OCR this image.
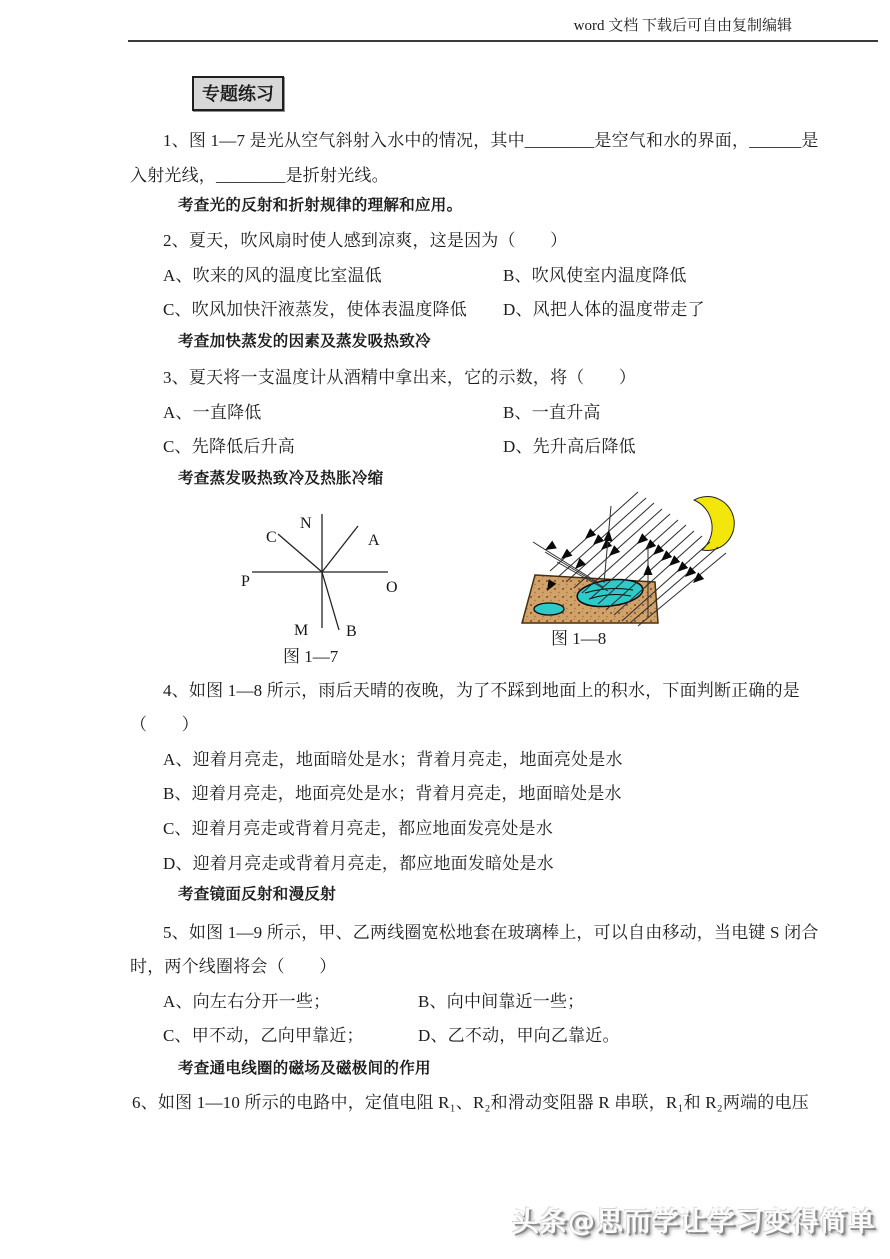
word 文档 下载后可自由复制编辑
专题练习
1、图 1—7 是光从空气斜射入水中的情况，其中________是空气和水的界面，______是
入射光线，________是折射光线。
考查光的反射和折射规律的理解和应用。
2、夏天，吹风扇时使人感到凉爽，这是因为（　　）
A、吹来的风的温度比室温低	B、吹风使室内温度降低
C、吹风加快汗液蒸发，使体表温度降低 D、风把人体的温度带走了
考查加快蒸发的因素及蒸发吸热致冷
3、夏天将一支温度计从酒精中拿出来，它的示数，将（　　）
A、一直降低	B、一直升高
C、先降低后升高	D、先升高后降低
考查蒸发吸热致冷及热胀冷缩
N
C	A
P	O
M B
图 1—7
图 1—8
4、如图 1—8 所示，雨后天晴的夜晚，为了不踩到地面上的积水，下面判断正确的是
（　　）
A、迎着月亮走，地面暗处是水；背着月亮走，地面亮处是水
B、迎着月亮走，地面亮处是水；背着月亮走，地面暗处是水
C、迎着月亮走或背着月亮走，都应地面发亮处是水
D、迎着月亮走或背着月亮走，都应地面发暗处是水
考查镜面反射和漫反射
5、如图 1—9 所示，甲、乙两线圈宽松地套在玻璃棒上，可以自由移动，当电键 S 闭合
时，两个线圈将会（　　）
A、向左右分开一些；	B、向中间靠近一些；
C、甲不动，乙向甲靠近；	D、乙不动，甲向乙靠近。
考查通电线圈的磁场及磁极间的作用
6、如图 1—10 所示的电路中，定值电阻 R₁、R₂和滑动变阻器 R 串联，R₁和 R₂两端的电压
头条@思而学让学习变得简单
